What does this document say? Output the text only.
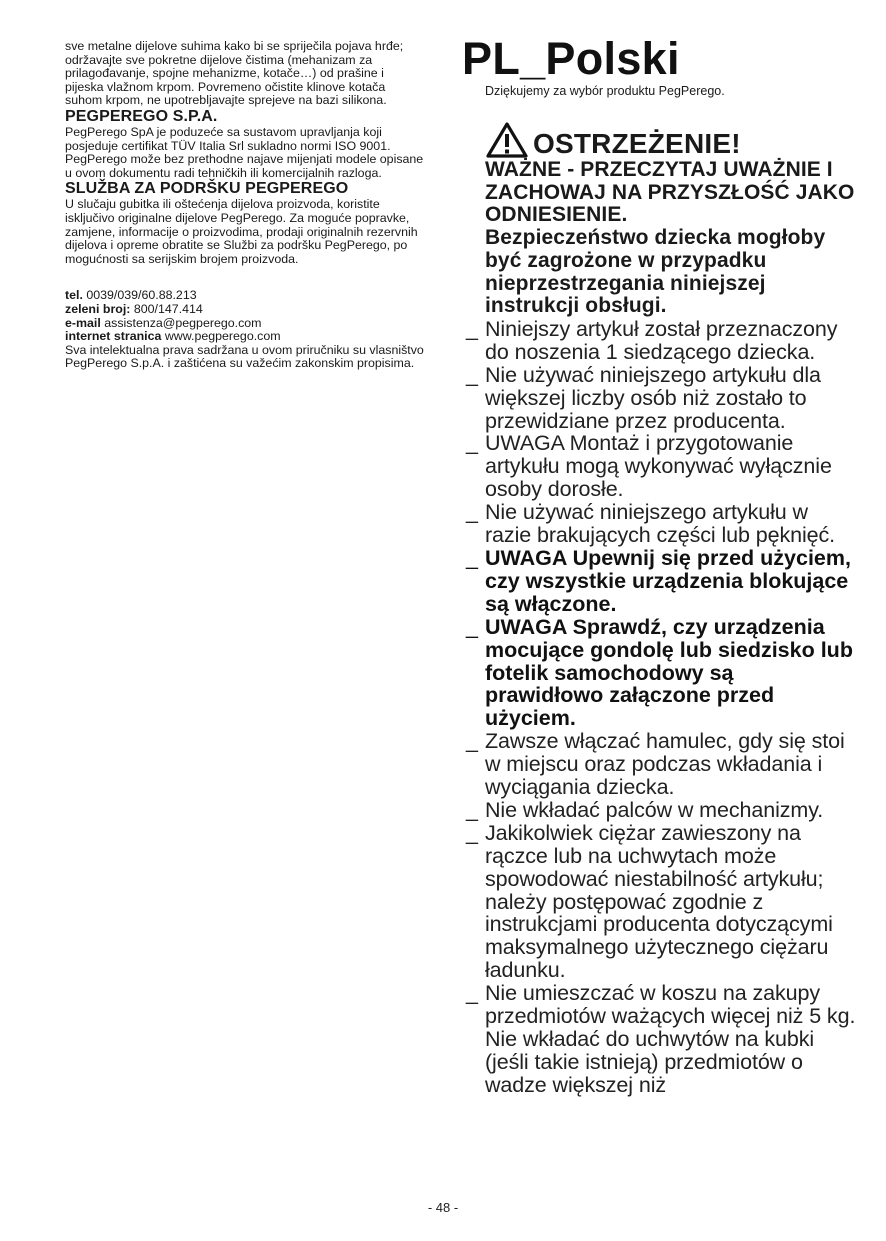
sve metalne dijelove suhima kako bi se spriječila pojava hrđe; održavajte sve pokretne dijelove čistima (mehanizam za prilagođavanje, spojne mehanizme, kotače…) od prašine i pijeska vlažnom krpom. Povremeno očistite klinove kotača suhom krpom, ne upotrebljavajte sprejeve na bazi silikona.

PEGPEREGO S.P.A.

PegPerego SpA je poduzeće sa sustavom upravljanja koji posjeduje certifikat TÜV Italia Srl sukladno normi ISO 9001. PegPerego može bez prethodne najave mijenjati modele opisane u ovom dokumentu radi tehničkih ili komercijalnih razloga.

SLUŽBA ZA PODRŠKU PEGPEREGO

U slučaju gubitka ili oštećenja dijelova proizvoda, koristite isključivo originalne dijelove PegPerego. Za moguće popravke, zamjene, informacije o proizvodima, prodaji originalnih rezervnih dijelova i opreme obratite se Službi za podršku PegPerego, po mogućnosti sa serijskim brojem proizvoda.

tel. 0039/039/60.88.213
zeleni broj: 800/147.414
e-mail assistenza@pegperego.com
internet stranica www.pegperego.com

Sva intelektualna prava sadržana u ovom priručniku su vlasništvo PegPerego S.p.A. i zaštićena su važećim zakonskim propisima.

PL_Polski

Dziękujemy za wybór produktu PegPerego.

OSTRZEŻENIE!

WAŻNE - PRZECZYTAJ UWAŻNIE I ZACHOWAJ NA PRZYSZŁOŚĆ JAKO ODNIESIENIE.

Bezpieczeństwo dziecka mogłoby być zagrożone w przypadku nieprzestrzegania niniejszej instrukcji obsługi.

_ Niniejszy artykuł został przeznaczony do noszenia 1 siedzącego dziecka.
_ Nie używać niniejszego artykułu dla większej liczby osób niż zostało to przewidziane przez producenta.
_ UWAGA Montaż i przygotowanie artykułu mogą wykonywać wyłącznie osoby dorosłe.
_ Nie używać niniejszego artykułu w razie brakujących części lub pęknięć.
_ UWAGA Upewnij się przed użyciem, czy wszystkie urządzenia blokujące są włączone.
_ UWAGA Sprawdź, czy urządzenia mocujące gondolę lub siedzisko lub fotelik samochodowy są prawidłowo załączone przed użyciem.
_ Zawsze włączać hamulec, gdy się stoi w miejscu oraz podczas wkładania i wyciągania dziecka.
_ Nie wkładać palców w mechanizmy.
_ Jakikolwiek ciężar zawieszony na rączce lub na uchwytach może spowodować niestabilność artykułu; należy postępować zgodnie z instrukcjami producenta dotyczącymi maksymalnego użytecznego ciężaru ładunku.
_ Nie umieszczać w koszu na zakupy przedmiotów ważących więcej niż 5 kg. Nie wkładać do uchwytów na kubki (jeśli takie istnieją) przedmiotów o wadze większej niż
- 48 -
